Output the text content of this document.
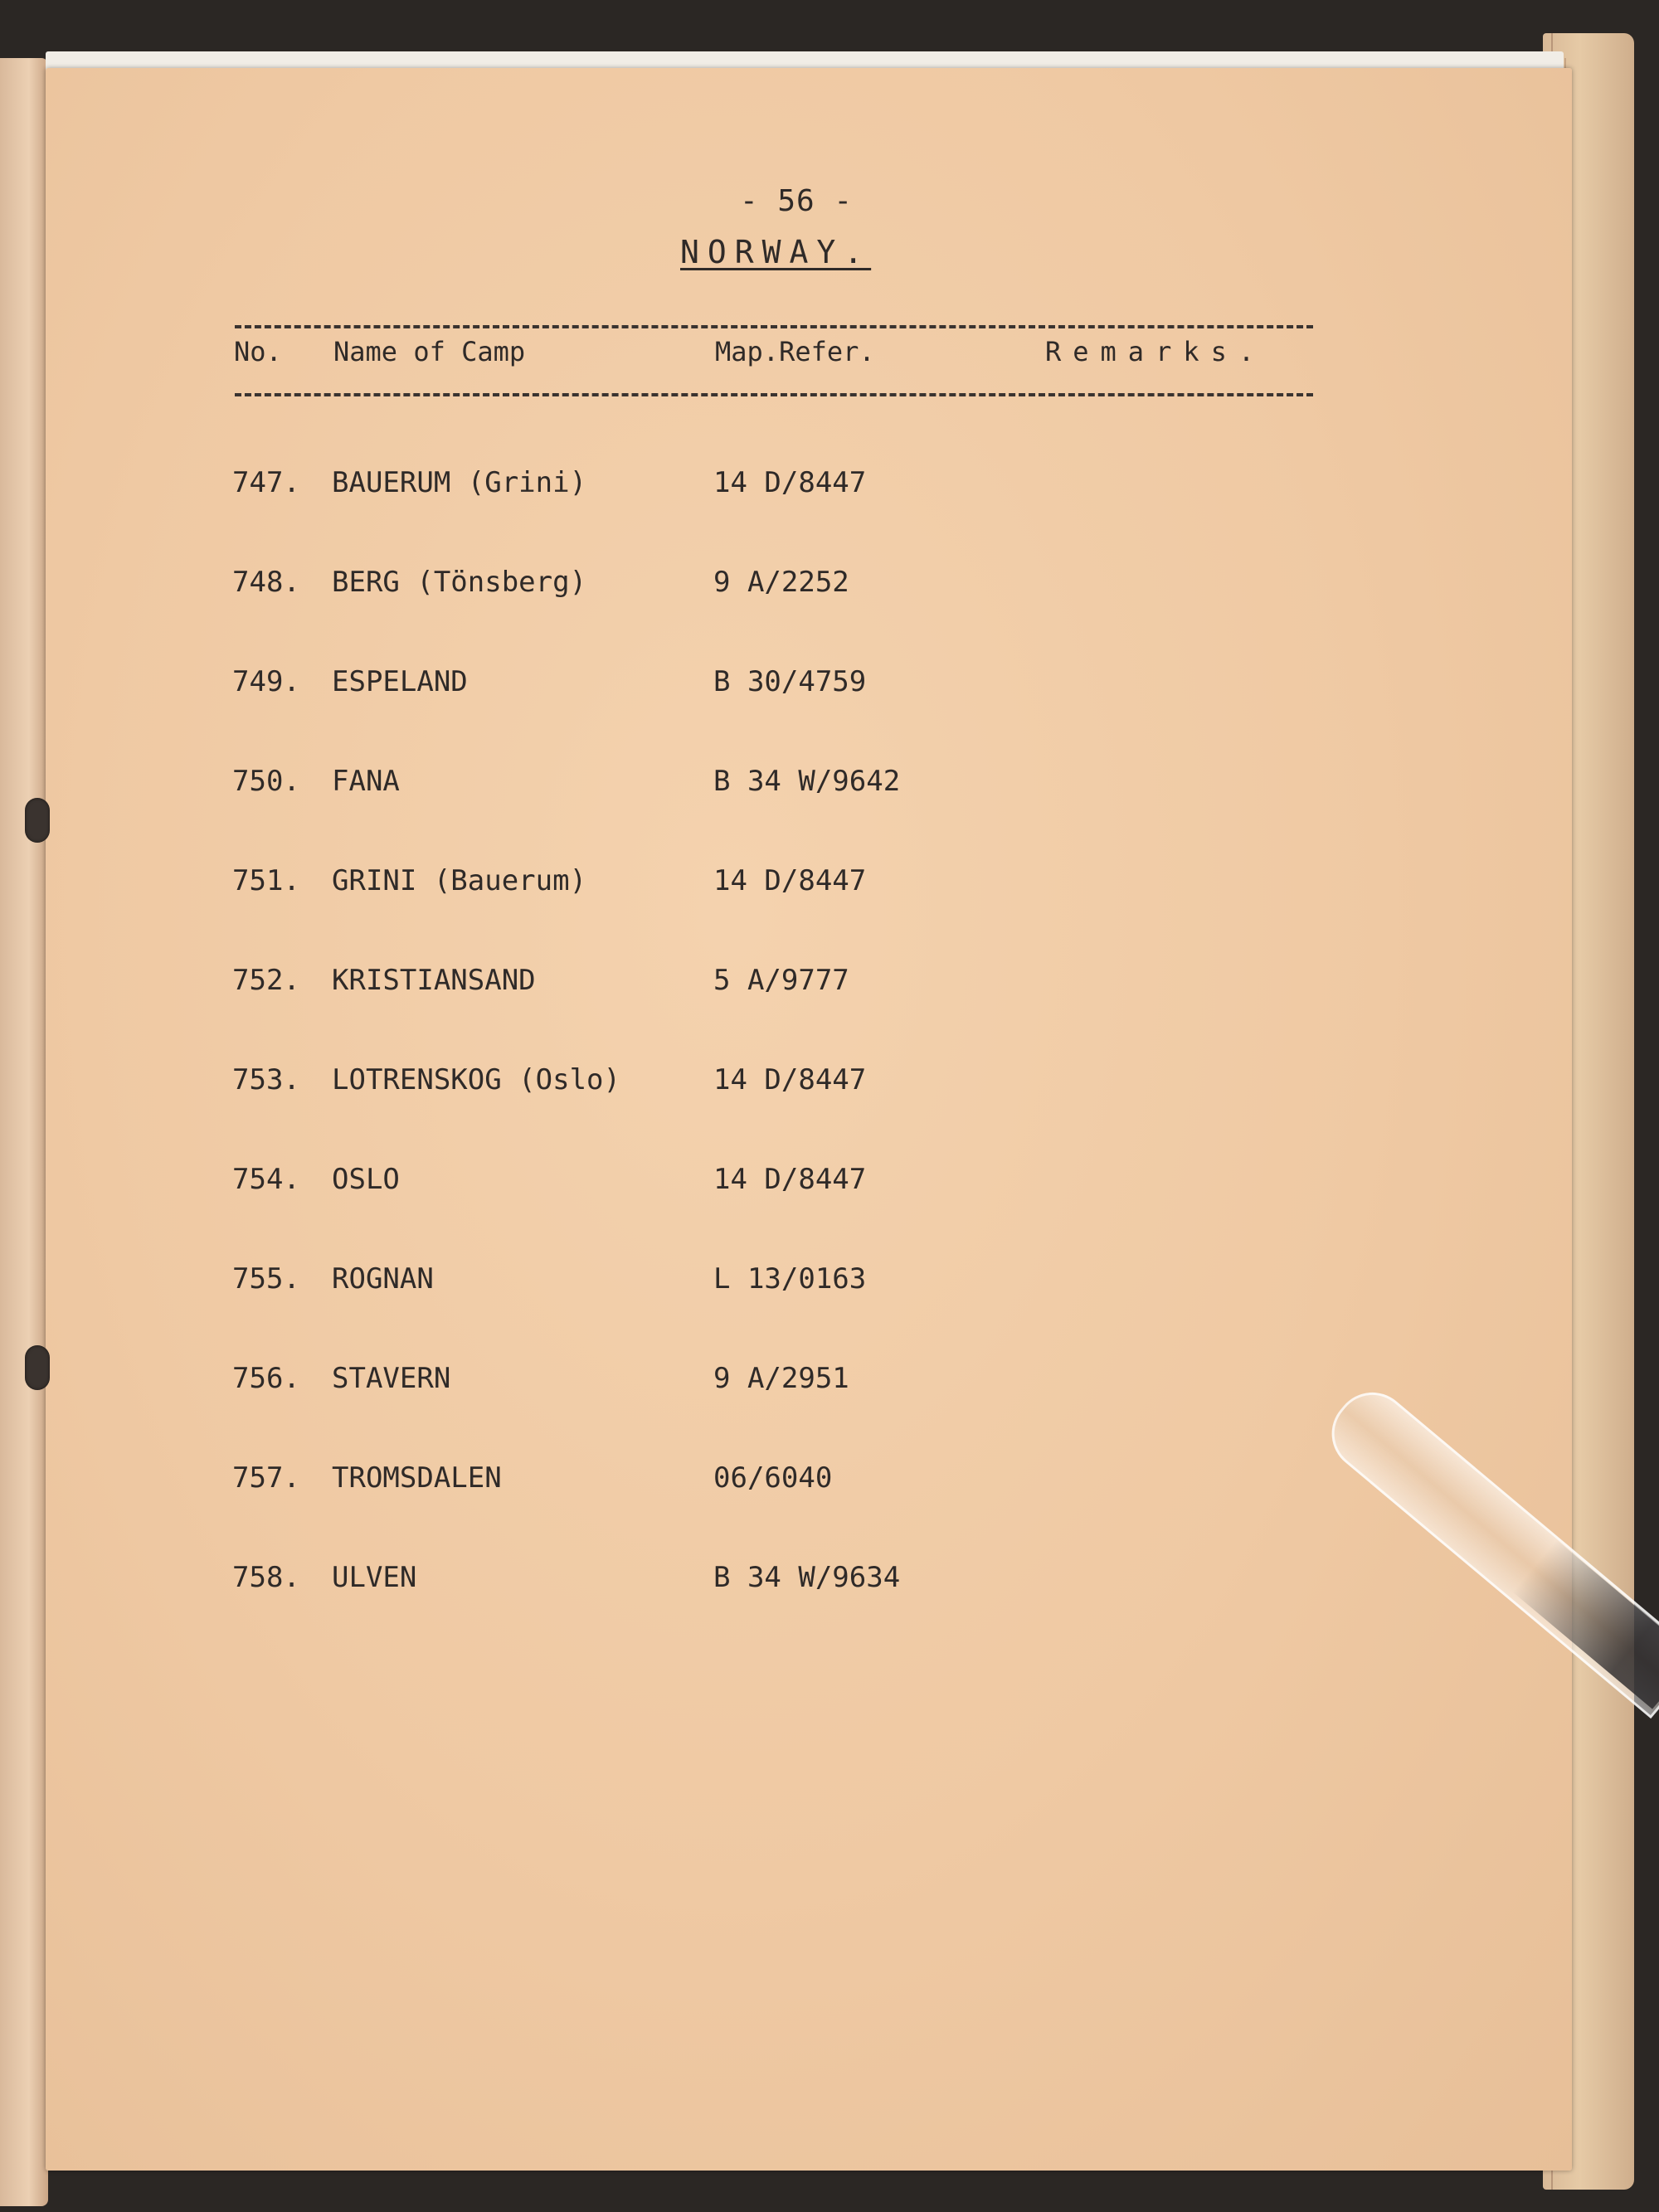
- 56 -
NORWAY.
No. Name of Camp	Map.Refer.	Remarks.
747. BAUERUM (Grini)	14 D/8447
748. BERG (Tönsberg)	9 A/2252
749. ESPELAND	B 30/4759
750. FANA	B 34 W/9642
751. GRINI (Bauerum)	14 D/8447
752. KRISTIANSAND	5 A/9777
753. LOTRENSKOG (Oslo)	14 D/8447
754. OSLO	14 D/8447
755. ROGNAN	L 13/0163
756. STAVERN	9 A/2951
757. TROMSDALEN	06/6040
758. ULVEN	B 34 W/9634
